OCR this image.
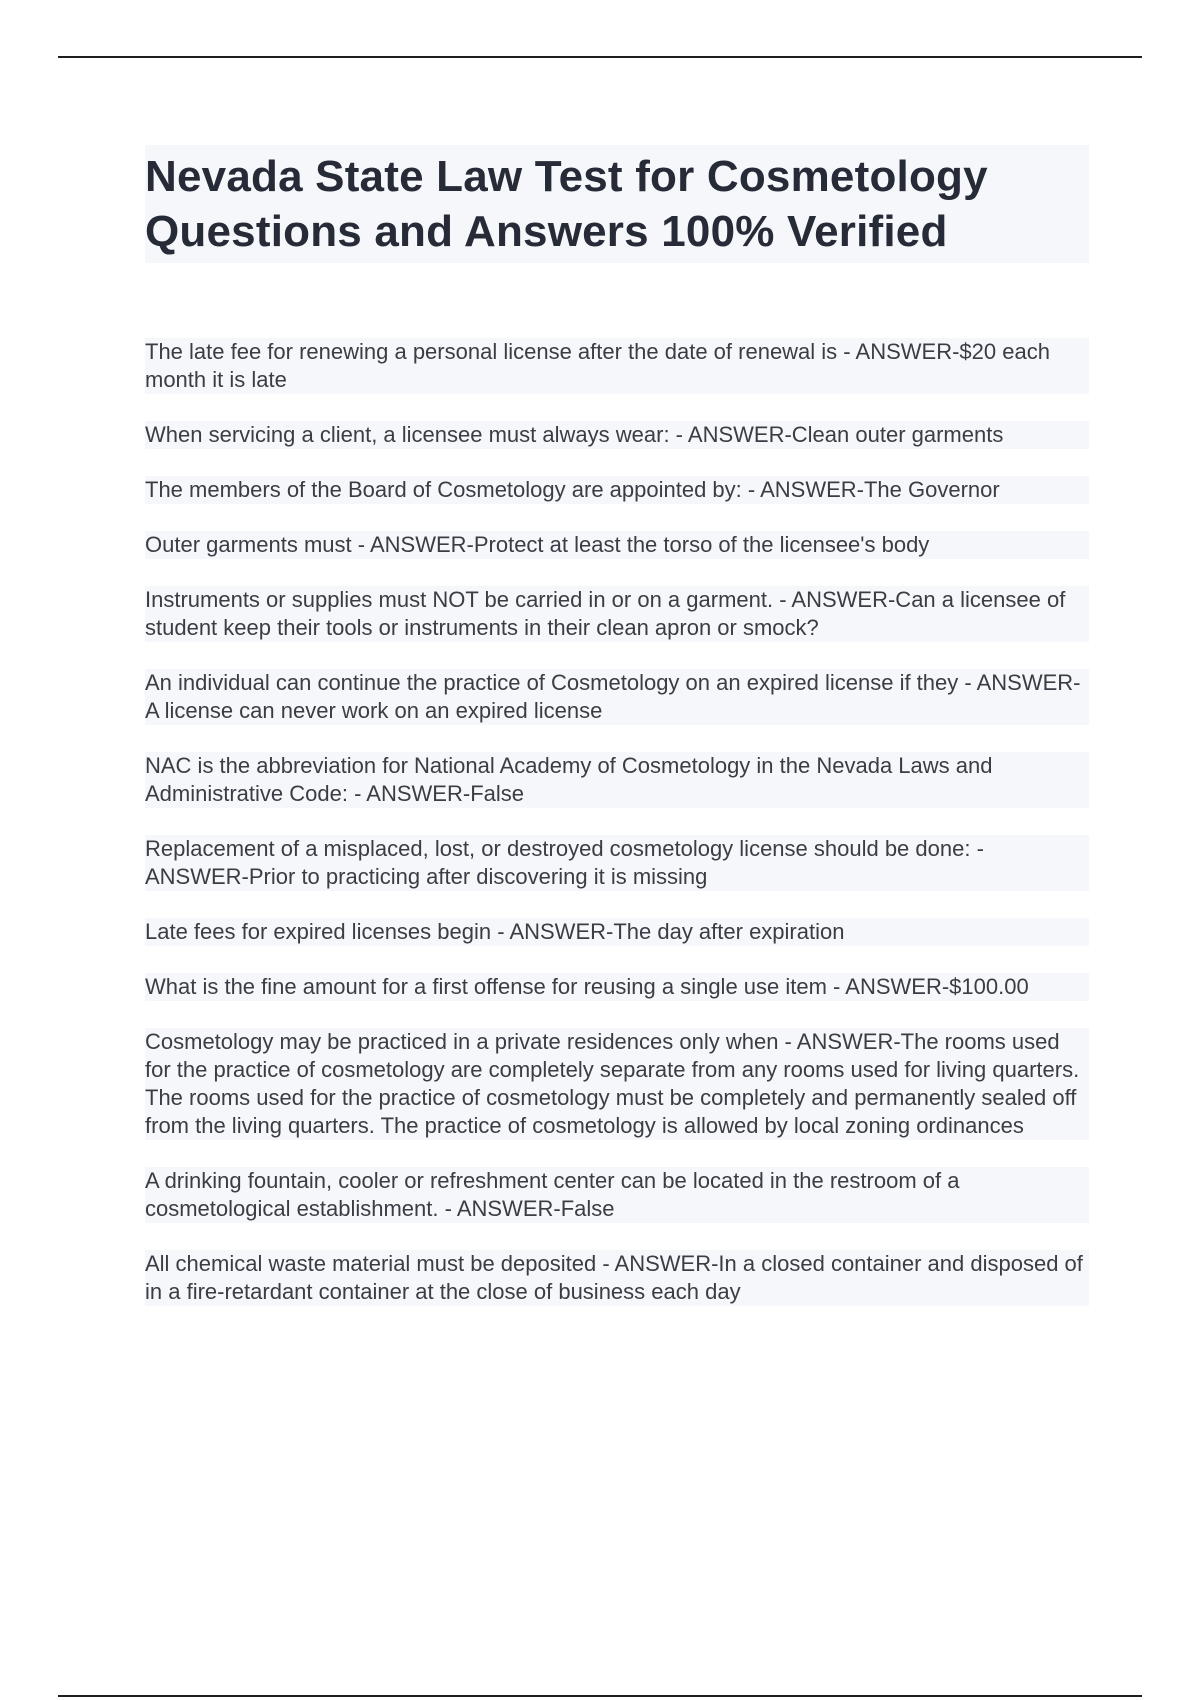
Nevada State Law Test for Cosmetology Questions and Answers 100% Verified

The late fee for renewing a personal license after the date of renewal is - ANSWER-$20 each month it is late

When servicing a client, a licensee must always wear: - ANSWER-Clean outer garments

The members of the Board of Cosmetology are appointed by: - ANSWER-The Governor

Outer garments must - ANSWER-Protect at least the torso of the licensee's body

Instruments or supplies must NOT be carried in or on a garment. - ANSWER-Can a licensee of student keep their tools or instruments in their clean apron or smock?

An individual can continue the practice of Cosmetology on an expired license if they - ANSWER-A license can never work on an expired license

NAC is the abbreviation for National Academy of Cosmetology in the Nevada Laws and Administrative Code: - ANSWER-False

Replacement of a misplaced, lost, or destroyed cosmetology license should be done: - ANSWER-Prior to practicing after discovering it is missing

Late fees for expired licenses begin - ANSWER-The day after expiration

What is the fine amount for a first offense for reusing a single use item - ANSWER-$100.00

Cosmetology may be practiced in a private residences only when - ANSWER-The rooms used for the practice of cosmetology are completely separate from any rooms used for living quarters. The rooms used for the practice of cosmetology must be completely and permanently sealed off from the living quarters. The practice of cosmetology is allowed by local zoning ordinances

A drinking fountain, cooler or refreshment center can be located in the restroom of a cosmetological establishment. - ANSWER-False

All chemical waste material must be deposited - ANSWER-In a closed container and disposed of in a fire-retardant container at the close of business each day
